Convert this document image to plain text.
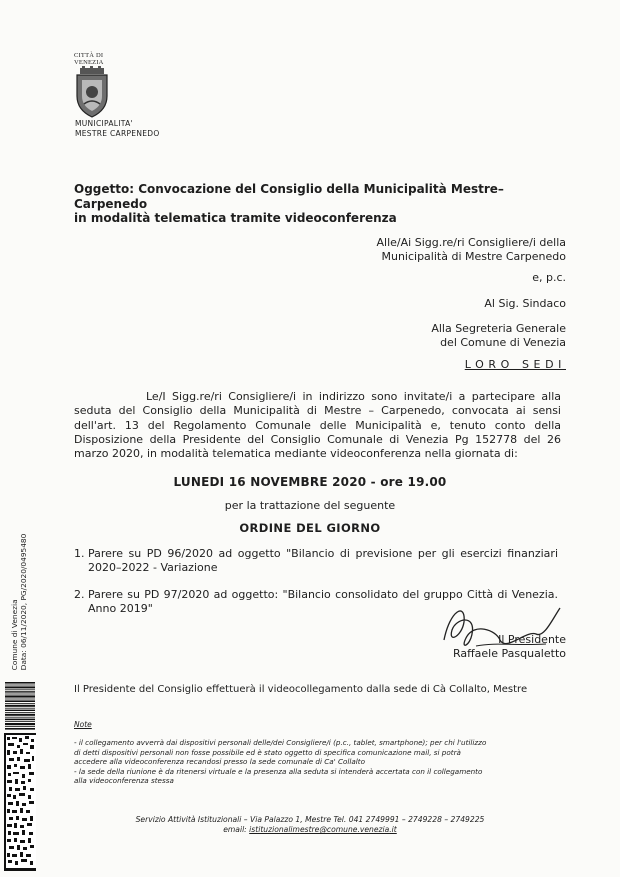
CITTÀ DI VENEZIA
MUNICIPALITA'
MESTRE CARPENEDO
Oggetto: Convocazione del Consiglio della Municipalità Mestre–Carpenedo
in modalità telematica tramite videoconferenza
Alle/Ai Sigg.re/ri Consigliere/i della
Municipalità di Mestre Carpenedo
e, p.c.
Al Sig. Sindaco
Alla Segreteria Generale
del Comune di Venezia
LORO SEDI
Le/I Sigg.re/ri Consigliere/i in indirizzo sono invitate/i a partecipare alla seduta del Consiglio della Municipalità di Mestre – Carpenedo, convocata ai sensi dell'art. 13 del Regolamento Comunale delle Municipalità e, tenuto conto della Disposizione della Presidente del Consiglio Comunale di Venezia Pg 152778 del 26 marzo 2020, in modalità telematica mediante videoconferenza nella giornata di:
LUNEDI 16 NOVEMBRE 2020 - ore 19.00
per la trattazione del seguente
ORDINE DEL GIORNO
1. Parere su PD 96/2020 ad oggetto "Bilancio di previsione per gli esercizi finanziari 2020–2022 - Variazione
2. Parere su PD 97/2020 ad oggetto: "Bilancio consolidato del gruppo Città di Venezia. Anno 2019"
Il Presidente
Raffaele Pasqualetto
Il Presidente del Consiglio effettuerà il videocollegamento dalla sede di Cà Collalto, Mestre
Note
- il collegamento avverrà dai dispositivi personali delle/dei Consigliere/i (p.c., tablet, smartphone); per chi l'utilizzo
di detti dispositivi personali non fosse possibile ed è stato oggetto di specifica comunicazione mail, si potrà
accedere alla videoconferenza recandosi presso la sede comunale di Ca' Collalto
- la sede della riunione è da ritenersi virtuale e la presenza alla seduta si intenderà accertata con il collegamento
alla videoconferenza stessa
Servizio Attività Istituzionali – Via Palazzo 1, Mestre Tel. 041 2749991 – 2749228 – 2749225
email: istituzionalimestre@comune.venezia.it
Comune di Venezia Data: 06/11/2020, PG/2020/0495480
